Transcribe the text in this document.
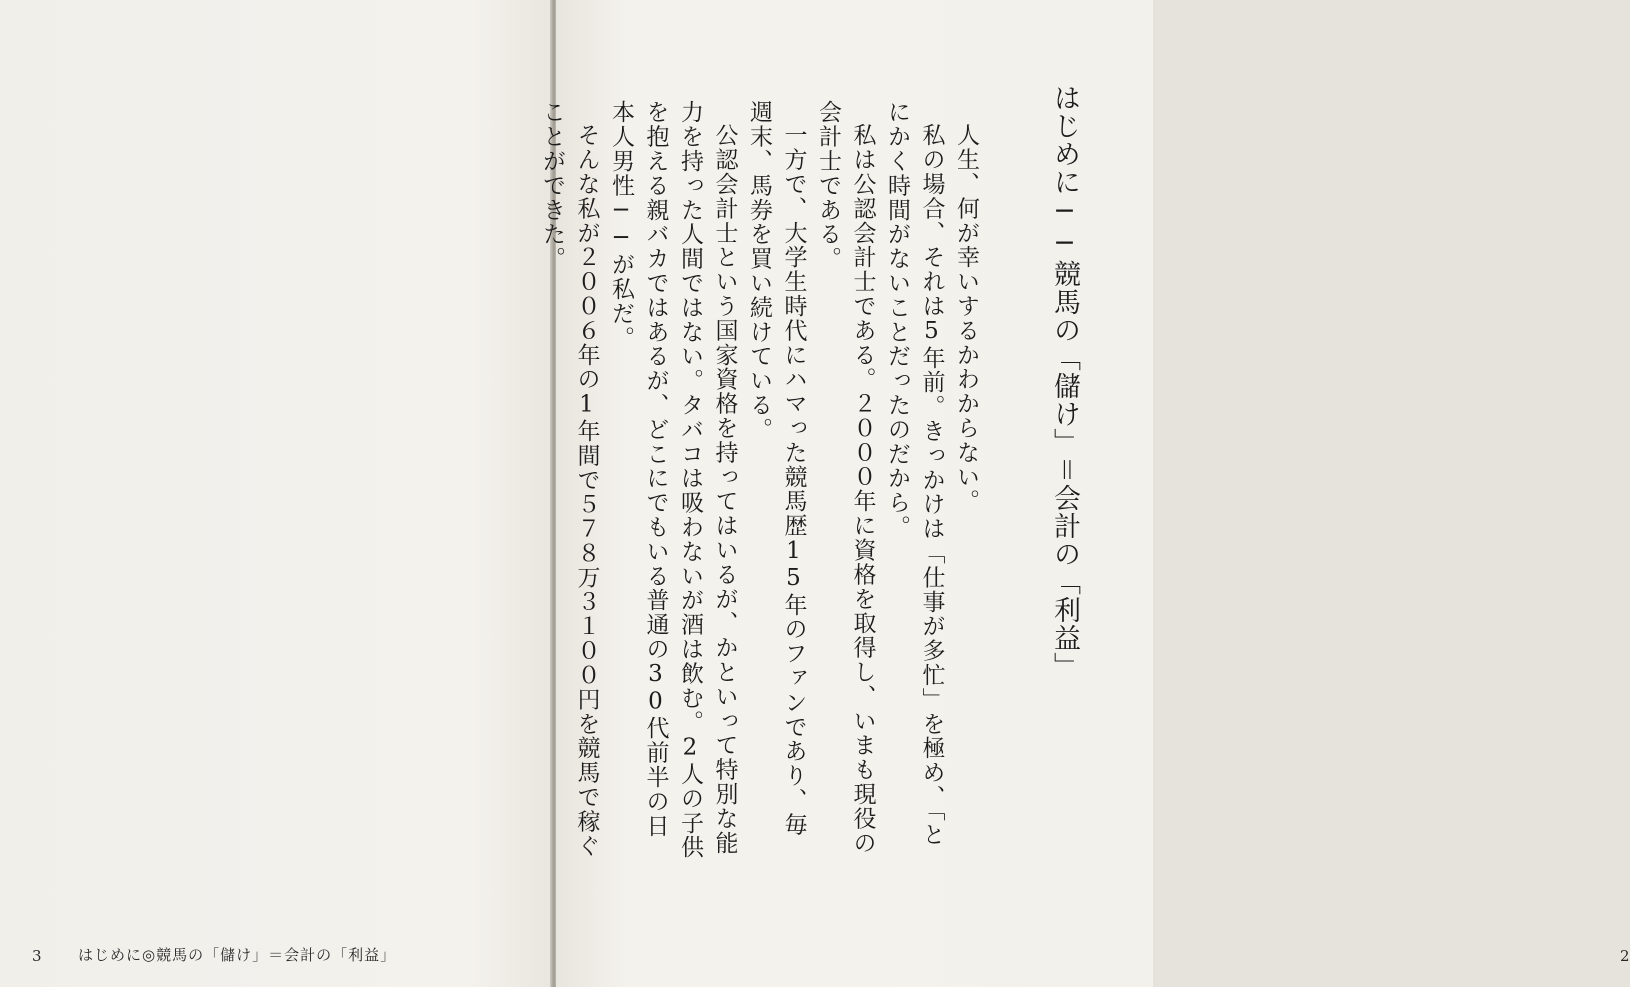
3 はじめに◎競馬の「儲け」＝会計の「利益」	2
はじめに──競馬の「儲け」＝会計の「利益」

人生、何が幸いするかわからない。

私の場合、それは5年前。きっかけは「仕事が多忙」を極め、「とにかく時間がないことだったのだから。

私は公認会計士である。２０００年に資格を取得し、いまも現役の会計士である。

一方で、大学生時代にハマった競馬歴15年のファンであり、毎週末、馬券を買い続けている。

公認会計士という国家資格を持ってはいるが、かといって特別な能力を持った人間ではない。タバコは吸わないが酒は飲む。2人の子供を抱える親バカではあるが、どこにでもいる普通の30代前半の日本人男性──が私だ。

そんな私が２００６年の1年間で５７８万３１００円を競馬で稼ぐことができた。
